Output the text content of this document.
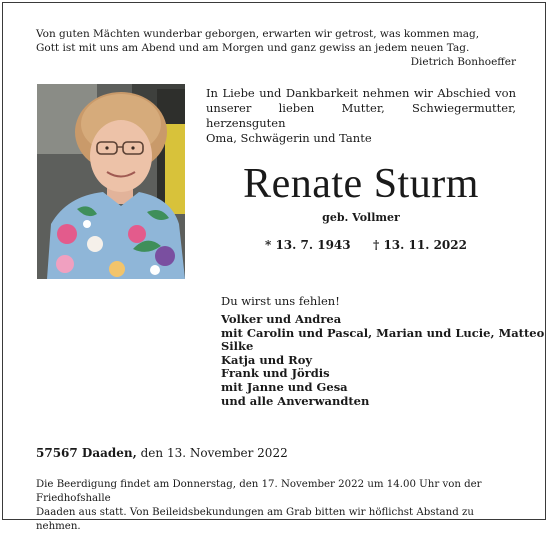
Von guten Mächten wunderbar geborgen, erwarten wir getrost, was kommen mag,
Gott ist mit uns am Abend und am Morgen und ganz gewiss an jedem neuen Tag.
Dietrich Bonhoeffer
In Liebe und Dankbarkeit nehmen wir Abschied von
unserer lieben Mutter, Schwiegermutter, herzensguten
Oma, Schwägerin und Tante
Renate Sturm
geb. Vollmer
* 13. 7. 1943 † 13. 11. 2022
Du wirst uns fehlen!
Volker und Andrea
mit Carolin und Pascal, Marian und Lucie, Matteo
Silke
Katja und Roy
Frank und Jördis
mit Janne und Gesa
und alle Anverwandten
57567 Daaden, den 13. November 2022
Die Beerdigung findet am Donnerstag, den 17. November 2022 um 14.00 Uhr von der Friedhofshalle
Daaden aus statt. Von Beileidsbekundungen am Grab bitten wir höflichst Abstand zu nehmen.
